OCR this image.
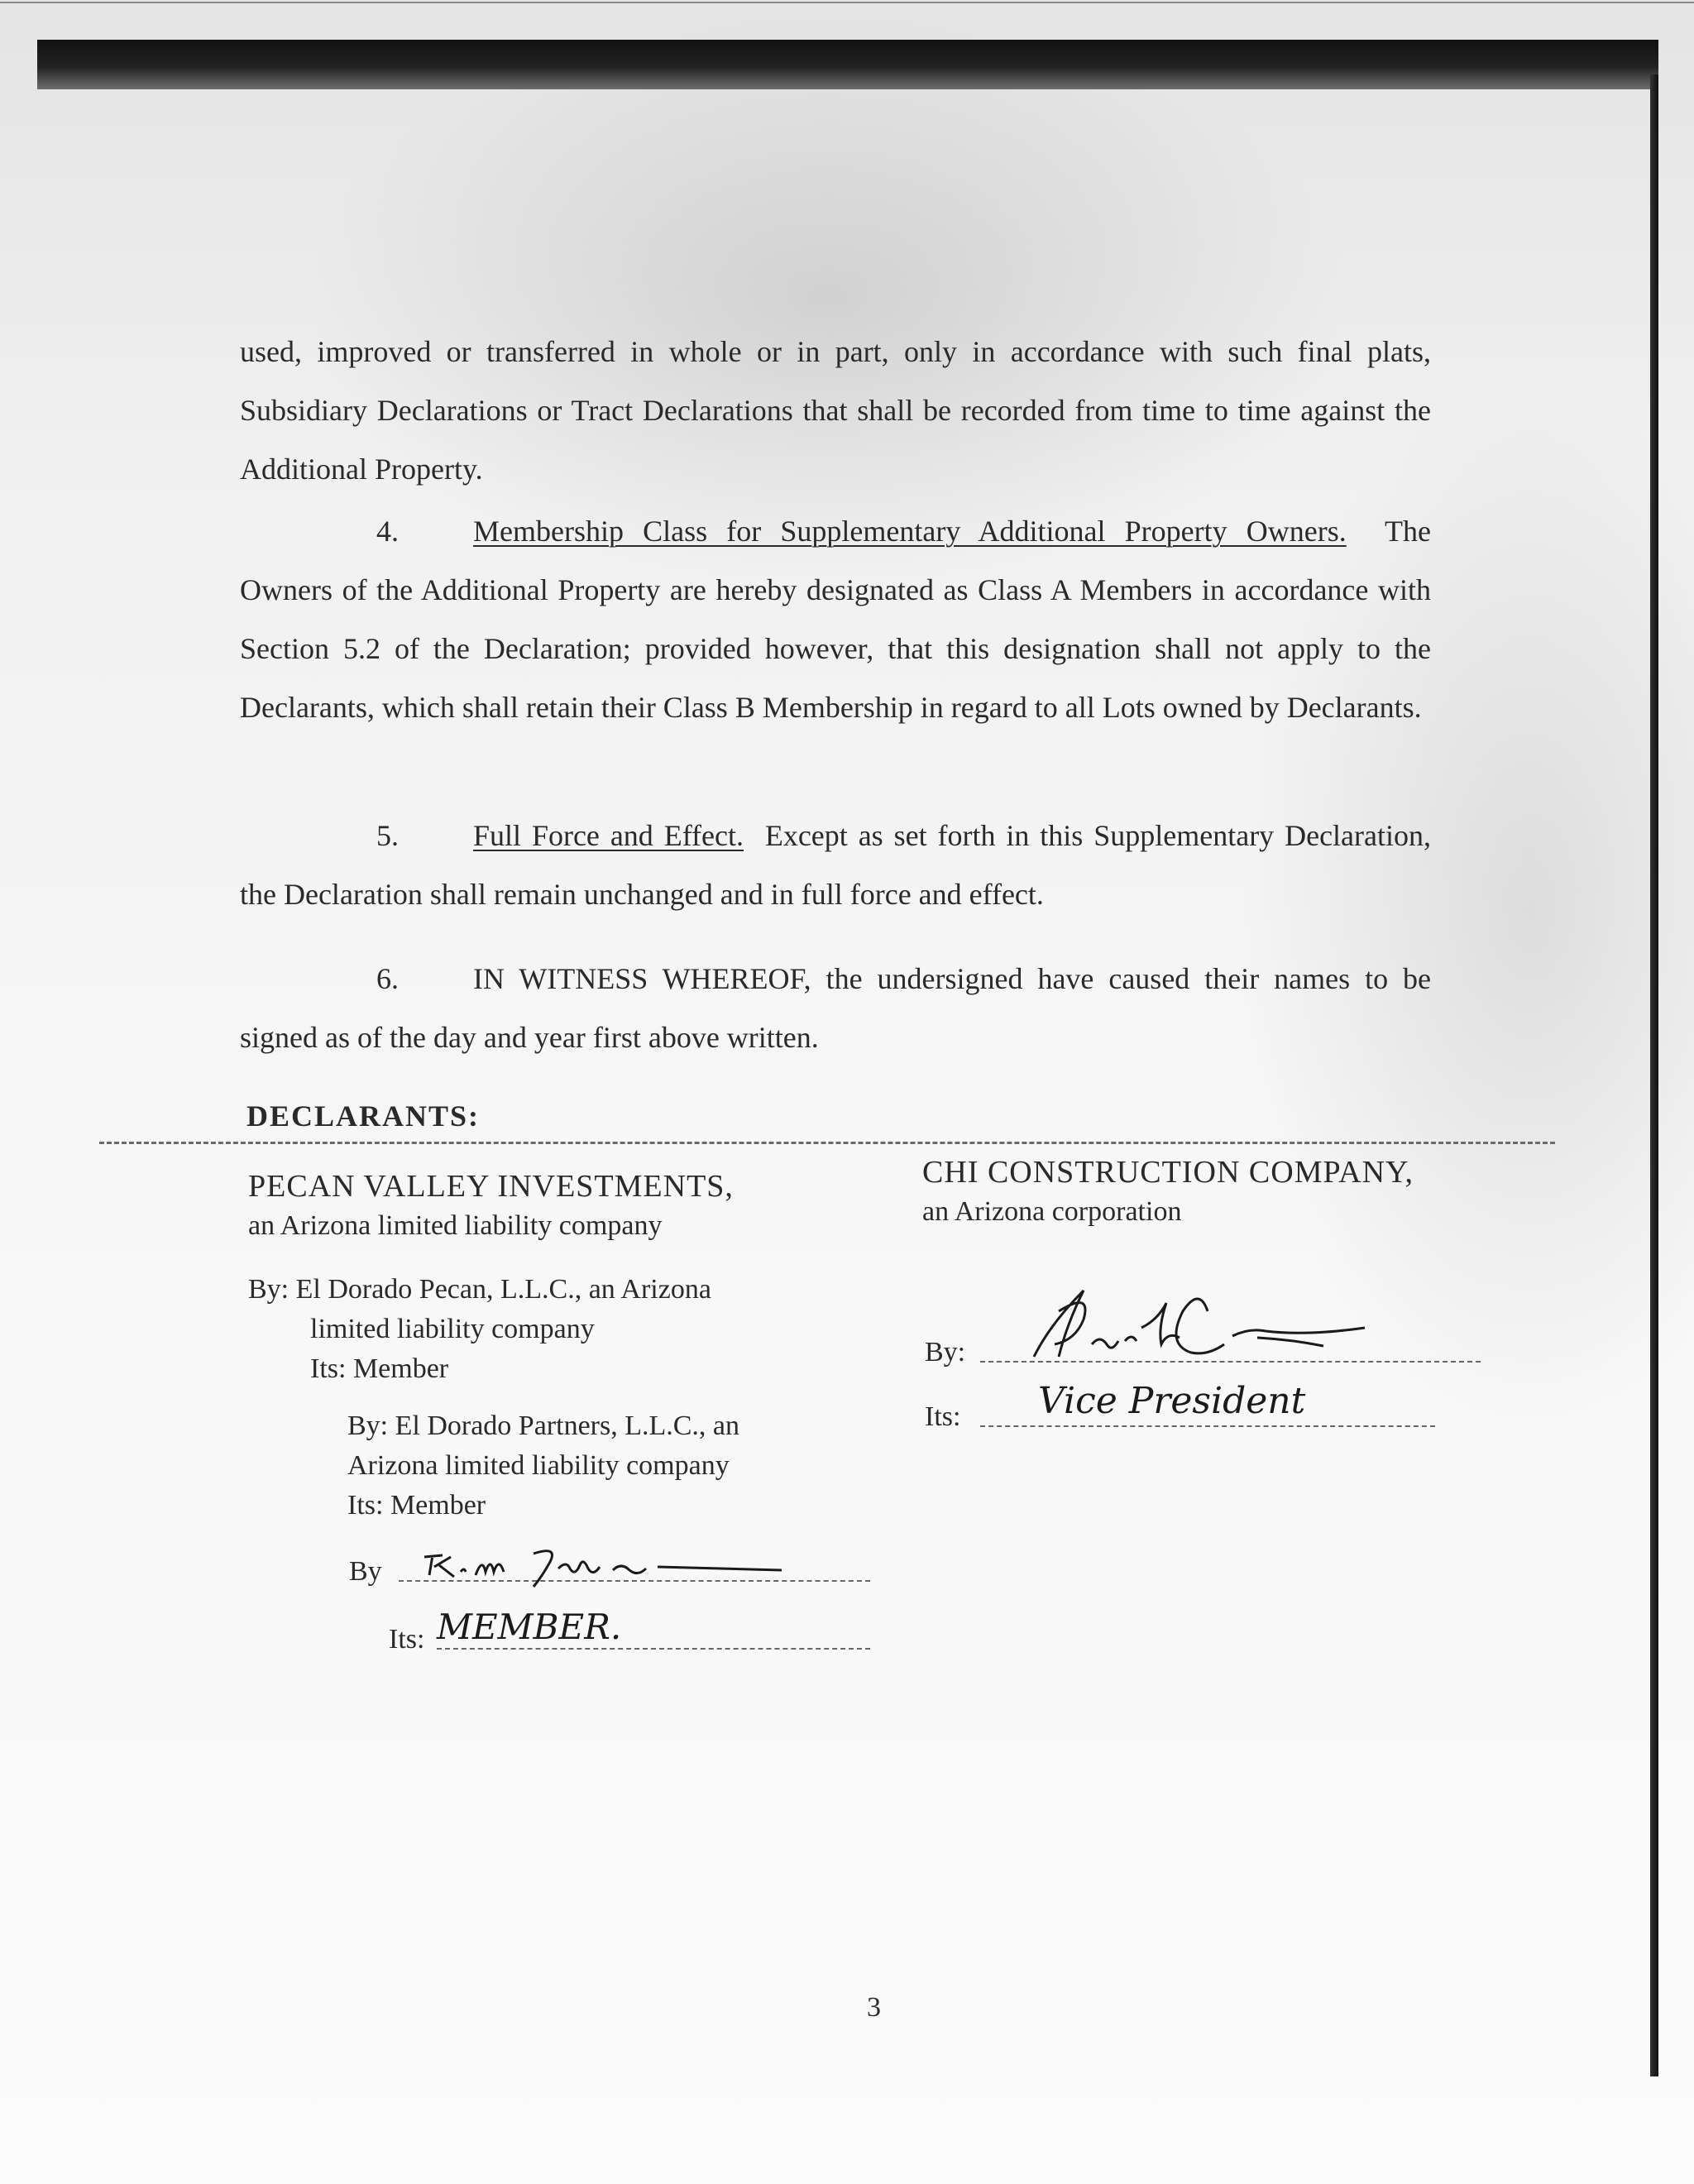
used, improved or transferred in whole or in part, only in accordance with such final plats, Subsidiary Declarations or Tract Declarations that shall be recorded from time to time against the Additional Property.

4.	Membership Class for Supplementary Additional Property Owners. The Owners of the Additional Property are hereby designated as Class A Members in accordance with Section 5.2 of the Declaration; provided however, that this designation shall not apply to the Declarants, which shall retain their Class B Membership in regard to all Lots owned by Declarants.

5.	Full Force and Effect. Except as set forth in this Supplementary Declaration, the Declaration shall remain unchanged and in full force and effect.

6.	IN WITNESS WHEREOF, the undersigned have caused their names to be signed as of the day and year first above written.

DECLARANTS:

PECAN VALLEY INVESTMENTS,
an Arizona limited liability company
By: El Dorado Pecan, L.L.C., an Arizona
limited liability company
Its: Member
By: El Dorado Partners, L.L.C., an
Arizona limited liability company
Its: Member
By
Its: MEMBER.
CHI CONSTRUCTION COMPANY,
an Arizona corporation
By:
Its: Vice President
3
